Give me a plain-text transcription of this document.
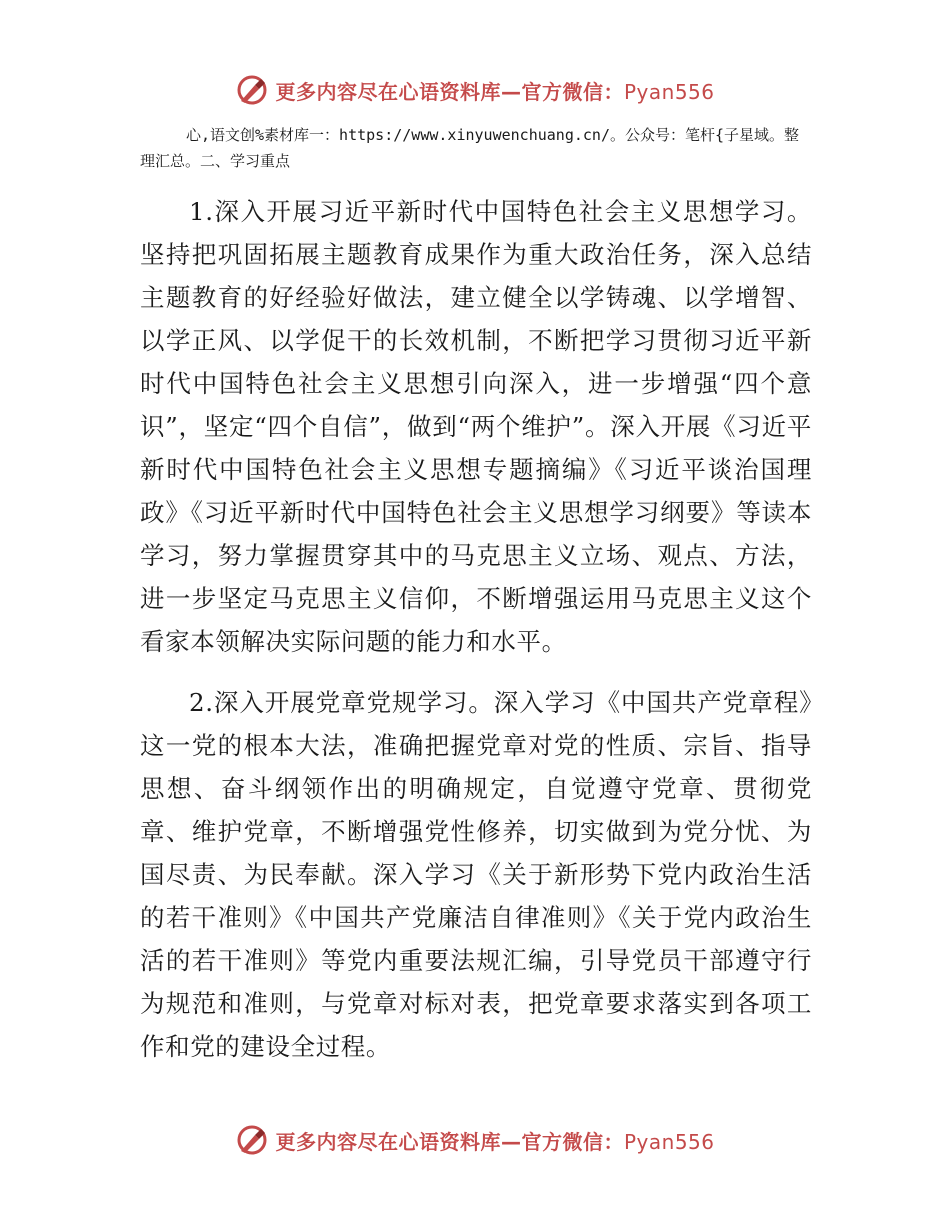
更多内容尽在心语资料库—官方微信：Pyan556
心,语文创%素材库一：https://www.xinyuwenchuang.cn/。公众号：笔杆{子星域。整理汇总。二、学习重点

1.深入开展习近平新时代中国特色社会主义思想学习。坚持把巩固拓展主题教育成果作为重大政治任务，深入总结主题教育的好经验好做法，建立健全以学铸魂、以学增智、以学正风、以学促干的长效机制，不断把学习贯彻习近平新时代中国特色社会主义思想引向深入，进一步增强“四个意识”，坚定“四个自信”，做到“两个维护”。深入开展《习近平新时代中国特色社会主义思想专题摘编》《习近平谈治国理政》《习近平新时代中国特色社会主义思想学习纲要》等读本学习，努力掌握贯穿其中的马克思主义立场、观点、方法，进一步坚定马克思主义信仰，不断增强运用马克思主义这个看家本领解决实际问题的能力和水平。

2.深入开展党章党规学习。深入学习《中国共产党章程》这一党的根本大法，准确把握党章对党的性质、宗旨、指导思想、奋斗纲领作出的明确规定，自觉遵守党章、贯彻党章、维护党章，不断增强党性修养，切实做到为党分忧、为国尽责、为民奉献。深入学习《关于新形势下党内政治生活的若干准则》《中国共产党廉洁自律准则》《关于党内政治生活的若干准则》等党内重要法规汇编，引导党员干部遵守行为规范和准则，与党章对标对表，把党章要求落实到各项工作和党的建设全过程。

更多内容尽在心语资料库—官方微信：Pyan556
